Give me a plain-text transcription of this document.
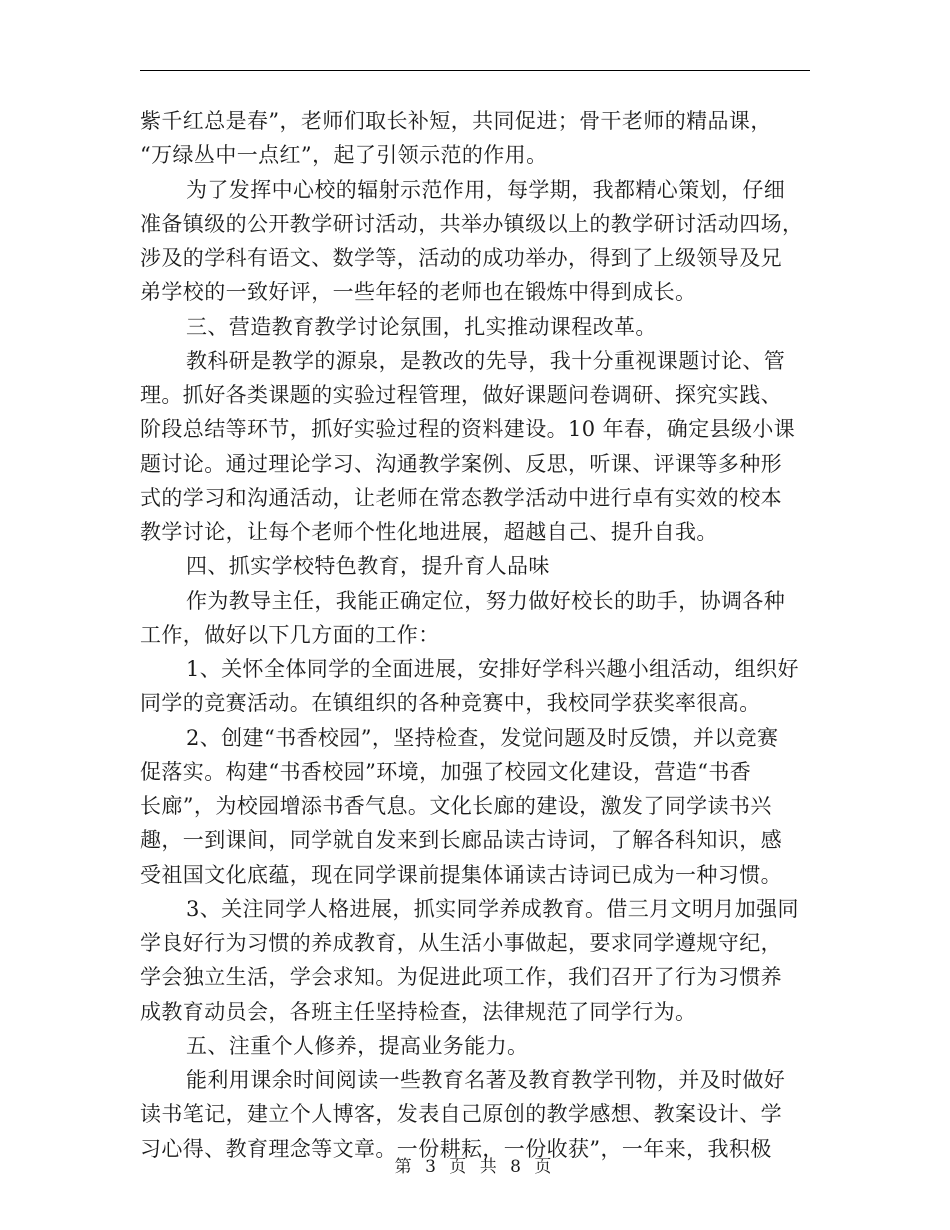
紫千红总是春”，老师们取长补短，共同促进；骨干老师的精品课，
“万绿丛中一点红”，起了引领示范的作用。
为了发挥中心校的辐射示范作用，每学期，我都精心策划，仔细
准备镇级的公开教学研讨活动，共举办镇级以上的教学研讨活动四场，
涉及的学科有语文、数学等，活动的成功举办，得到了上级领导及兄
弟学校的一致好评，一些年轻的老师也在锻炼中得到成长。
三、营造教育教学讨论氛围，扎实推动课程改革。
教科研是教学的源泉，是教改的先导，我十分重视课题讨论、管
理。抓好各类课题的实验过程管理，做好课题问卷调研、探究实践、
阶段总结等环节，抓好实验过程的资料建设。10 年春，确定县级小课
题讨论。通过理论学习、沟通教学案例、反思，听课、评课等多种形
式的学习和沟通活动，让老师在常态教学活动中进行卓有实效的校本
教学讨论，让每个老师个性化地进展，超越自己、提升自我。
四、抓实学校特色教育，提升育人品味
作为教导主任，我能正确定位，努力做好校长的助手，协调各种
工作，做好以下几方面的工作：
1、关怀全体同学的全面进展，安排好学科兴趣小组活动，组织好
同学的竞赛活动。在镇组织的各种竞赛中，我校同学获奖率很高。
2、创建“书香校园”，坚持检查，发觉问题及时反馈，并以竞赛
促落实。构建“书香校园”环境，加强了校园文化建设，营造“书香
长廊”，为校园增添书香气息。文化长廊的建设，激发了同学读书兴
趣，一到课间，同学就自发来到长廊品读古诗词，了解各科知识，感
受祖国文化底蕴，现在同学课前提集体诵读古诗词已成为一种习惯。
3、关注同学人格进展，抓实同学养成教育。借三月文明月加强同
学良好行为习惯的养成教育，从生活小事做起，要求同学遵规守纪，
学会独立生活，学会求知。为促进此项工作，我们召开了行为习惯养
成教育动员会，各班主任坚持检查，法律规范了同学行为。
五、注重个人修养，提高业务能力。
能利用课余时间阅读一些教育名著及教育教学刊物，并及时做好
读书笔记，建立个人博客，发表自己原创的教学感想、教案设计、学
习心得、教育理念等文章。一份耕耘，一份收获”，一年来，我积极
第 3 页 共 8 页
